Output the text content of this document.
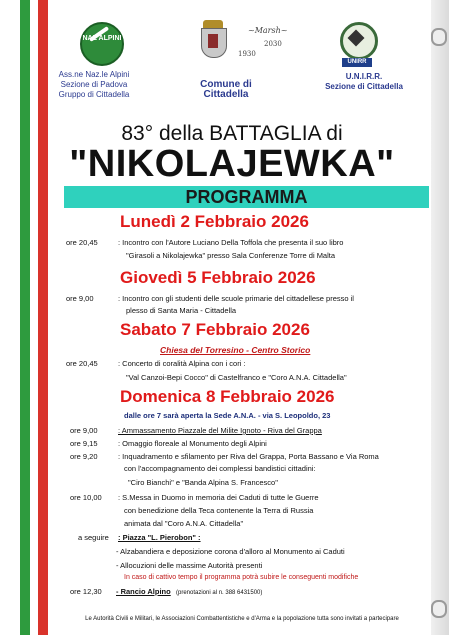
NAZ ALPINI
~Marsh~
1930
2030
UNIRR
Ass.ne Naz.le Alpini
Sezione di Padova
Gruppo di Cittadella
Comune di Cittadella
U.N.I.R.R.
Sezione di Cittadella
83° della BATTAGLIA di
"NIKOLAJEWKA"
PROGRAMMA
Lunedì 2 Febbraio 2026
ore 20,45	: Incontro con l'Autore Luciano Della Toffola che presenta il suo libro
"Girasoli a Nikolajewka" presso Sala Conferenze Torre di Malta
Giovedì 5 Febbraio 2026
ore 9,00	: Incontro con gli studenti delle scuole primarie del cittadellese presso il
plesso di Santa Maria - Cittadella
Sabato 7 Febbraio 2026
Chiesa del Torresino - Centro Storico
ore 20,45	: Concerto di coralità Alpina con i cori :
"Val Canzoi-Bepi Cocco" di Castelfranco e "Coro A.N.A. Cittadella"
Domenica 8 Febbraio 2026
dalle ore 7 sarà aperta la Sede A.N.A. - via S. Leopoldo, 23
ore 9,00	: Ammassamento Piazzale del Milite Ignoto - Riva del Grappa
ore 9,15	: Omaggio floreale al Monumento degli Alpini
ore 9,20	: Inquadramento e sfilamento per Riva del Grappa, Porta Bassano e Via Roma
con l'accompagnamento dei complessi bandistici cittadini:
"Ciro Bianchi" e "Banda Alpina S. Francesco"
ore 10,00 : S.Messa in Duomo in memoria dei Caduti di tutte le Guerre
con benedizione della Teca contenente la Terra di Russia
animata dal "Coro A.N.A. Cittadella"
a seguire : Piazza "L. Pierobon" :
- Alzabandiera e deposizione corona d'alloro al Monumento ai Caduti
- Allocuzioni delle massime Autorità presenti
In caso di cattivo tempo il programma potrà subire le conseguenti modifiche
ore 12,30 - Rancio Alpino (prenotazioni al n. 388 6431500)
Le Autorità Civili e Militari, le Associazioni Combattentistiche e d'Arma e la popolazione tutta sono invitati a partecipare
